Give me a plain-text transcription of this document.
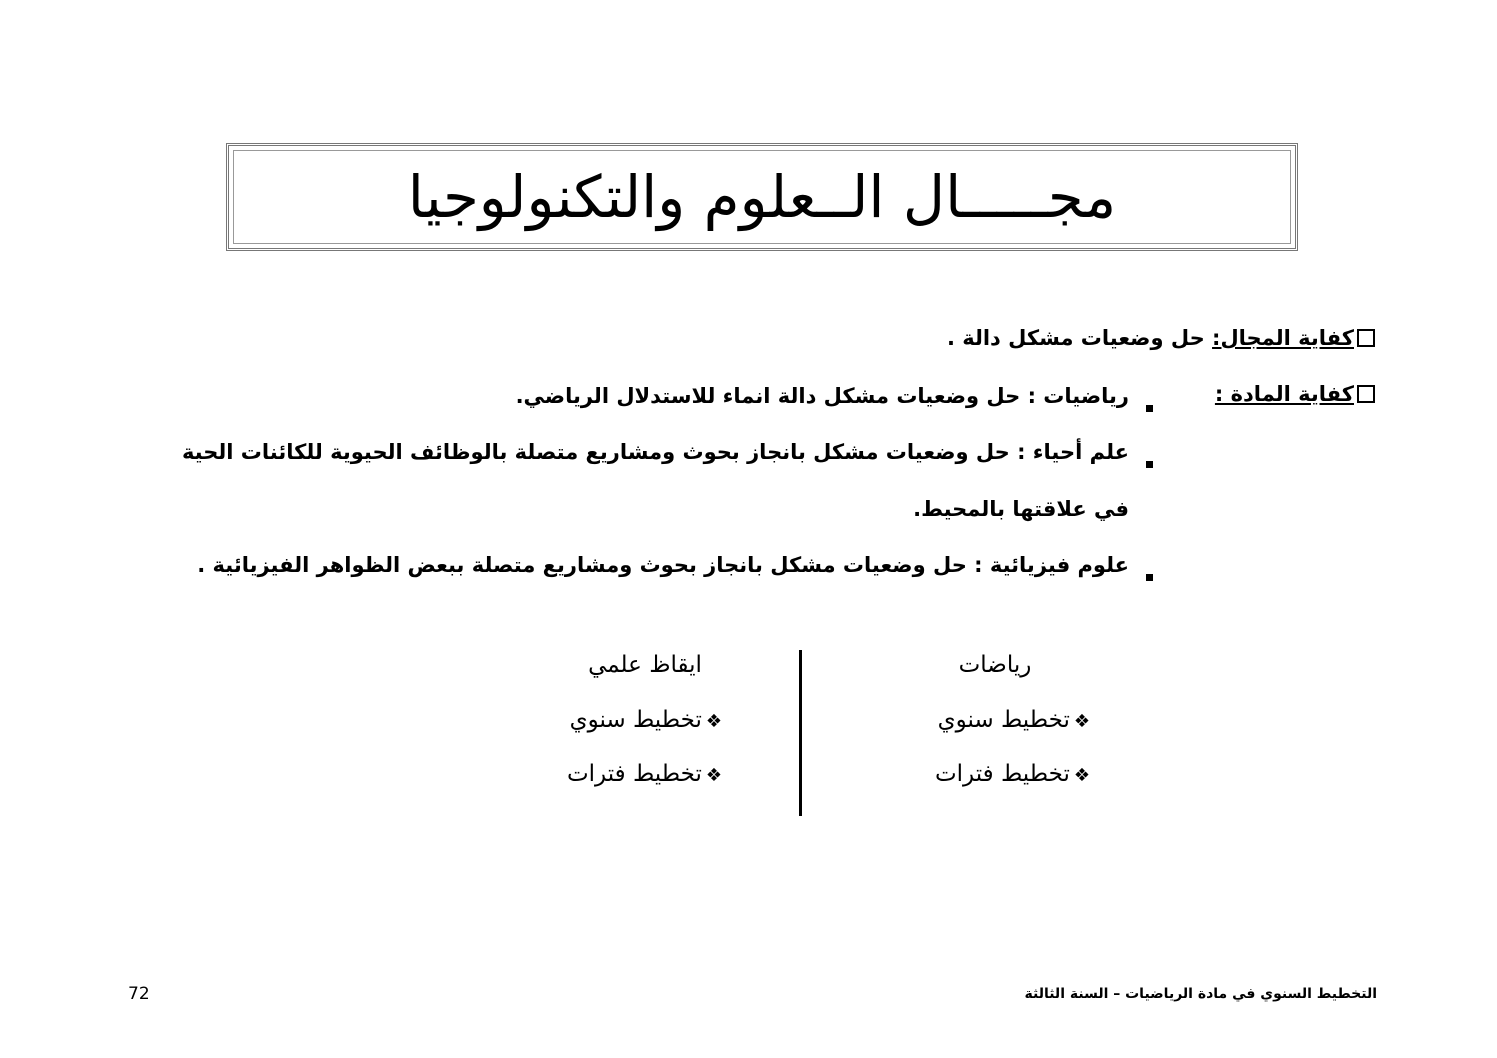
مجـــــال الــعلوم والتكنولوجيا
كفاية المجال: حل وضعيات مشكل دالة .
كفاية المادة :
رياضيات : حل وضعيات مشكل دالة انماء للاستدلال الرياضي.
علم أحياء : حل وضعيات مشكل بانجاز بحوث ومشاريع متصلة بالوظائف الحيوية للكائنات الحية
في علاقتها بالمحيط.
علوم فيزيائية : حل وضعيات مشكل بانجاز بحوث ومشاريع متصلة ببعض الظواهر الفيزيائية .
رياضات
❖تخطيط سنوي
❖تخطيط فترات
ايقاظ علمي
❖تخطيط سنوي
❖تخطيط فترات
التخطيط السنوي في مادة الرياضيات – السنة الثالثة
72
